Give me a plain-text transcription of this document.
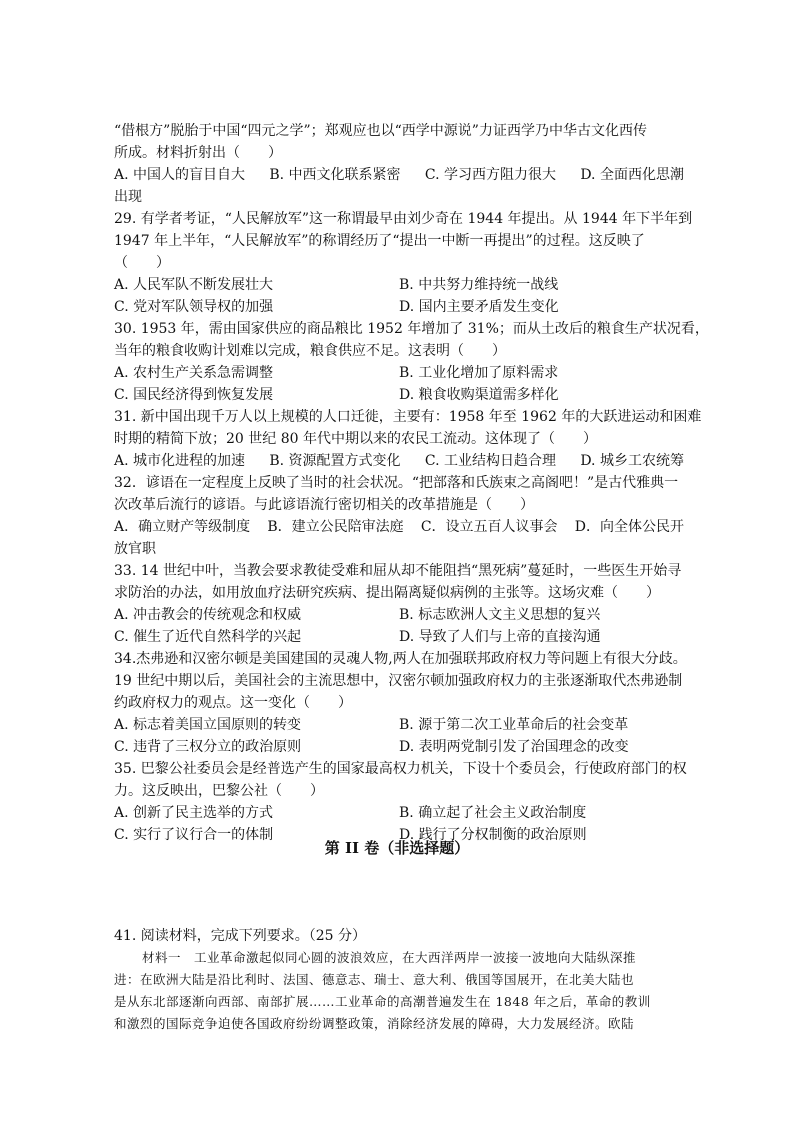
“借根方”脱胎于中国“四元之学”；郑观应也以“西学中源说”力证西学乃中华古文化西传
所成。材料折射出（　　）
A. 中国人的盲目自大 B. 中西文化联系紧密 C. 学习西方阻力很大 D. 全面西化思潮
出现
29. 有学者考证，“人民解放军”这一称谓最早由刘少奇在 1944 年提出。从 1944 年下半年到
1947 年上半年，“人民解放军”的称谓经历了“提出一中断一再提出”的过程。这反映了
（　　）
A. 人民军队不断发展壮大	B. 中共努力维持统一战线
C. 党对军队领导权的加强	D. 国内主要矛盾发生变化
30. 1953 年，需由国家供应的商品粮比 1952 年增加了 31%；而从土改后的粮食生产状况看，
当年的粮食收购计划难以完成，粮食供应不足。这表明（　　）
A. 农村生产关系急需调整	B. 工业化增加了原料需求
C. 国民经济得到恢复发展	D. 粮食收购渠道需多样化
31. 新中国出现千万人以上规模的人口迁徙，主要有：1958 年至 1962 年的大跃进运动和困难
时期的精简下放；20 世纪 80 年代中期以来的农民工流动。这体现了（　　）
A. 城市化进程的加速 B. 资源配置方式变化 C. 工业结构日趋合理 D. 城乡工农统筹
32．谚语在一定程度上反映了当时的社会状况。“把部落和氏族束之高阁吧！”是古代雅典一
次改革后流行的谚语。与此谚语流行密切相关的改革措施是（　　）
A．确立财产等级制度 B．建立公民陪审法庭 C．设立五百人议事会 D．向全体公民开
放官职
33. 14 世纪中叶，当教会要求教徒受难和屈从却不能阻挡“黑死病”蔓延时，一些医生开始寻
求防治的办法，如用放血疗法研究疾病、提出隔离疑似病例的主张等。这场灾难（　　）
A. 冲击教会的传统观念和权威	B. 标志欧洲人文主义思想的复兴
C. 催生了近代自然科学的兴起	D. 导致了人们与上帝的直接沟通
34.杰弗逊和汉密尔顿是美国建国的灵魂人物,两人在加强联邦政府权力等问题上有很大分歧。
19 世纪中期以后，美国社会的主流思想中，汉密尔顿加强政府权力的主张逐渐取代杰弗逊制
约政府权力的观点。这一变化（　　）
A. 标志着美国立国原则的转变	B. 源于第二次工业革命后的社会变革
C. 违背了三权分立的政治原则	D. 表明两党制引发了治国理念的改变
35. 巴黎公社委员会是经普选产生的国家最高权力机关，下设十个委员会，行使政府部门的权
力。这反映出，巴黎公社（　　）
A. 创新了民主选举的方式	B. 确立起了社会主义政治制度
C. 实行了议行合一的体制	D. 践行了分权制衡的政治原则
第 II 卷（非选择题）
41. 阅读材料，完成下列要求。（25 分）
材料一　工业革命激起似同心圆的波浪效应，在大西洋两岸一波接一波地向大陆纵深推
进：在欧洲大陆是沿比利时、法国、德意志、瑞士、意大利、俄国等国展开，在北美大陆也
是从东北部逐渐向西部、南部扩展……工业革命的高潮普遍发生在 1848 年之后，革命的教训
和激烈的国际竞争迫使各国政府纷纷调整政策，消除经济发展的障碍，大力发展经济。欧陆
